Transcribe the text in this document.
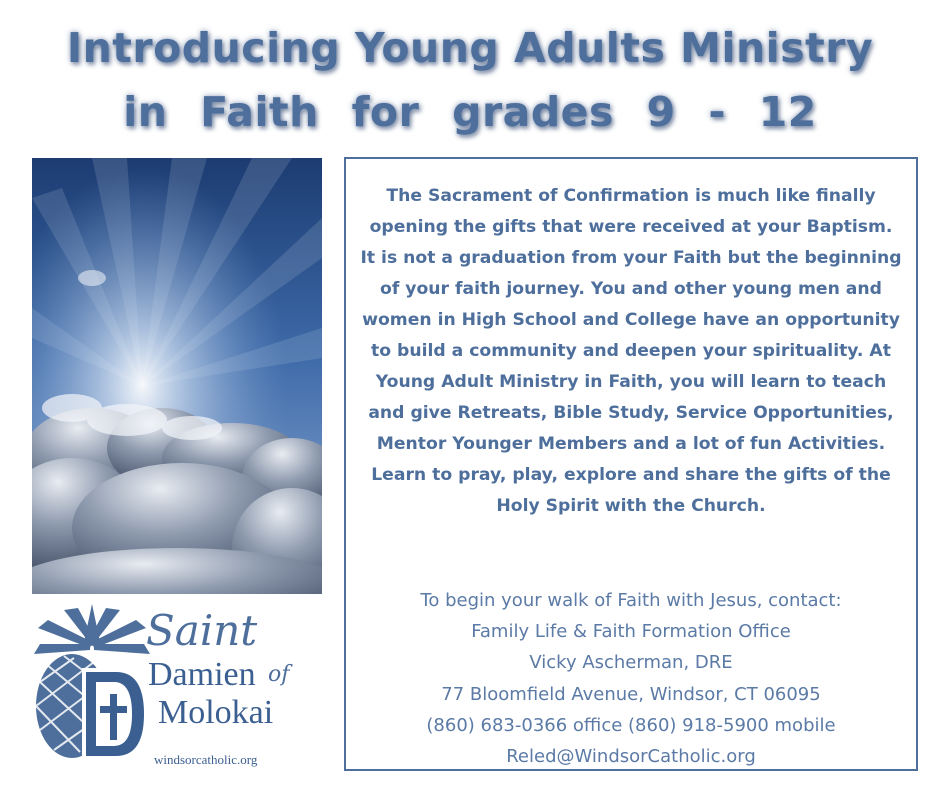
Introducing Young Adults Ministry
in Faith for grades 9 - 12
The Sacrament of Confirmation is much like finally opening the gifts that were received at your Baptism. It is not a graduation from your Faith but the beginning of your faith journey. You and other young men and women in High School and College have an opportunity to build a community and deepen your spirituality. At Young Adult Ministry in Faith, you will learn to teach and give Retreats, Bible Study, Service Opportunities, Mentor Younger Members and a lot of fun Activities. Learn to pray, play, explore and share the gifts of the Holy Spirit with the Church.
To begin your walk of Faith with Jesus, contact:
Family Life & Faith Formation Office
Vicky Ascherman, DRE
77 Bloomfield Avenue, Windsor, CT 06095
(860) 683-0366 office (860) 918-5900 mobile
Reled@WindsorCatholic.org
Saint
Damien of
Molokai
windsorcatholic.org
